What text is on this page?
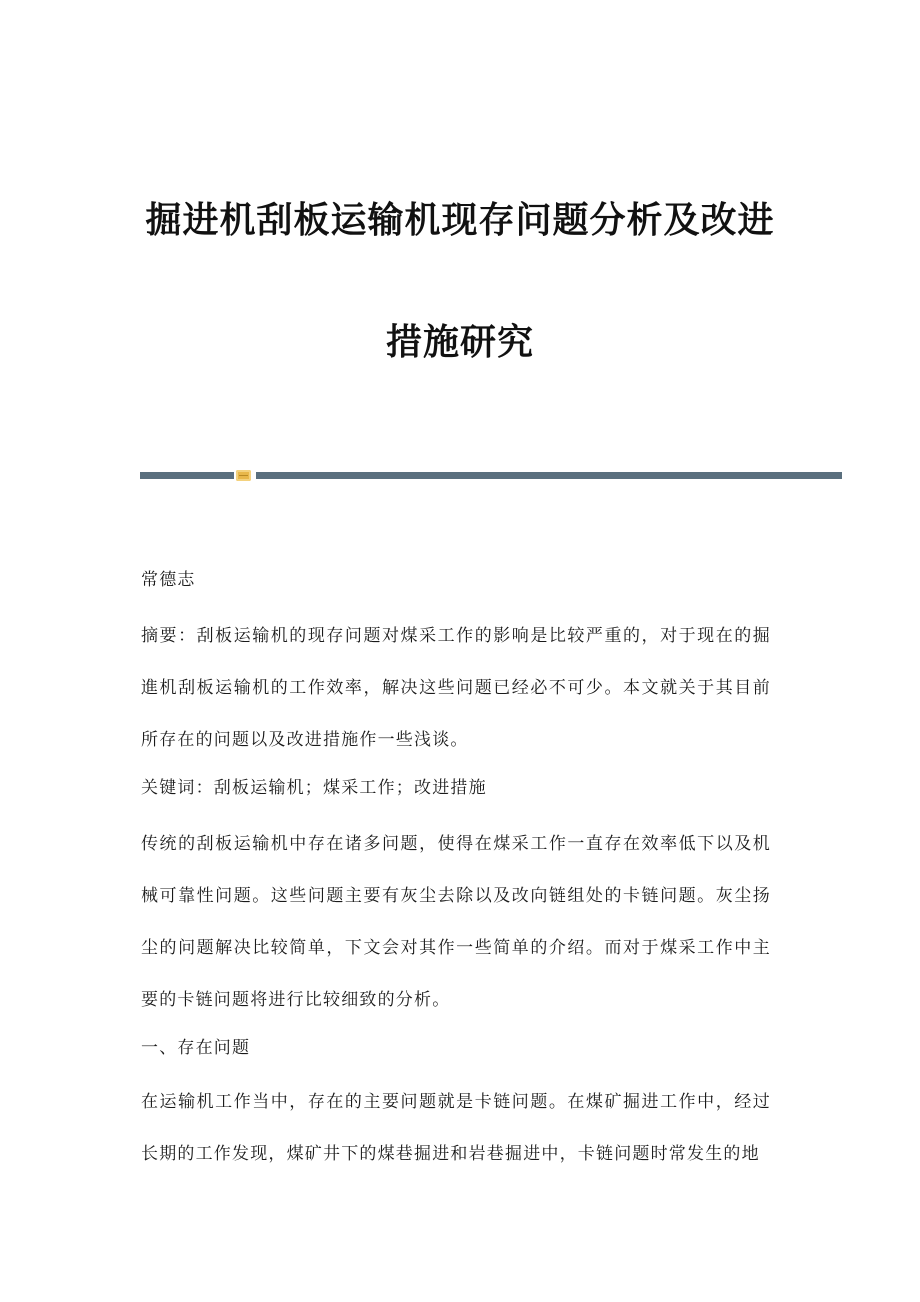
掘进机刮板运输机现存问题分析及改进
措施研究

常德志

摘要：刮板运输机的现存问题对煤采工作的影响是比较严重的，对于现在的掘進机刮板运输机的工作效率，解决这些问题已经必不可少。本文就关于其目前所存在的问题以及改进措施作一些浅谈。

关键词：刮板运输机；煤采工作；改进措施

传统的刮板运输机中存在诸多问题，使得在煤采工作一直存在效率低下以及机械可靠性问题。这些问题主要有灰尘去除以及改向链组处的卡链问题。灰尘扬尘的问题解决比较简单，下文会对其作一些简单的介绍。而对于煤采工作中主要的卡链问题将进行比较细致的分析。

一、存在问题

在运输机工作当中，存在的主要问题就是卡链问题。在煤矿掘进工作中，经过长期的工作发现，煤矿井下的煤巷掘进和岩巷掘进中，卡链问题时常发生的地
